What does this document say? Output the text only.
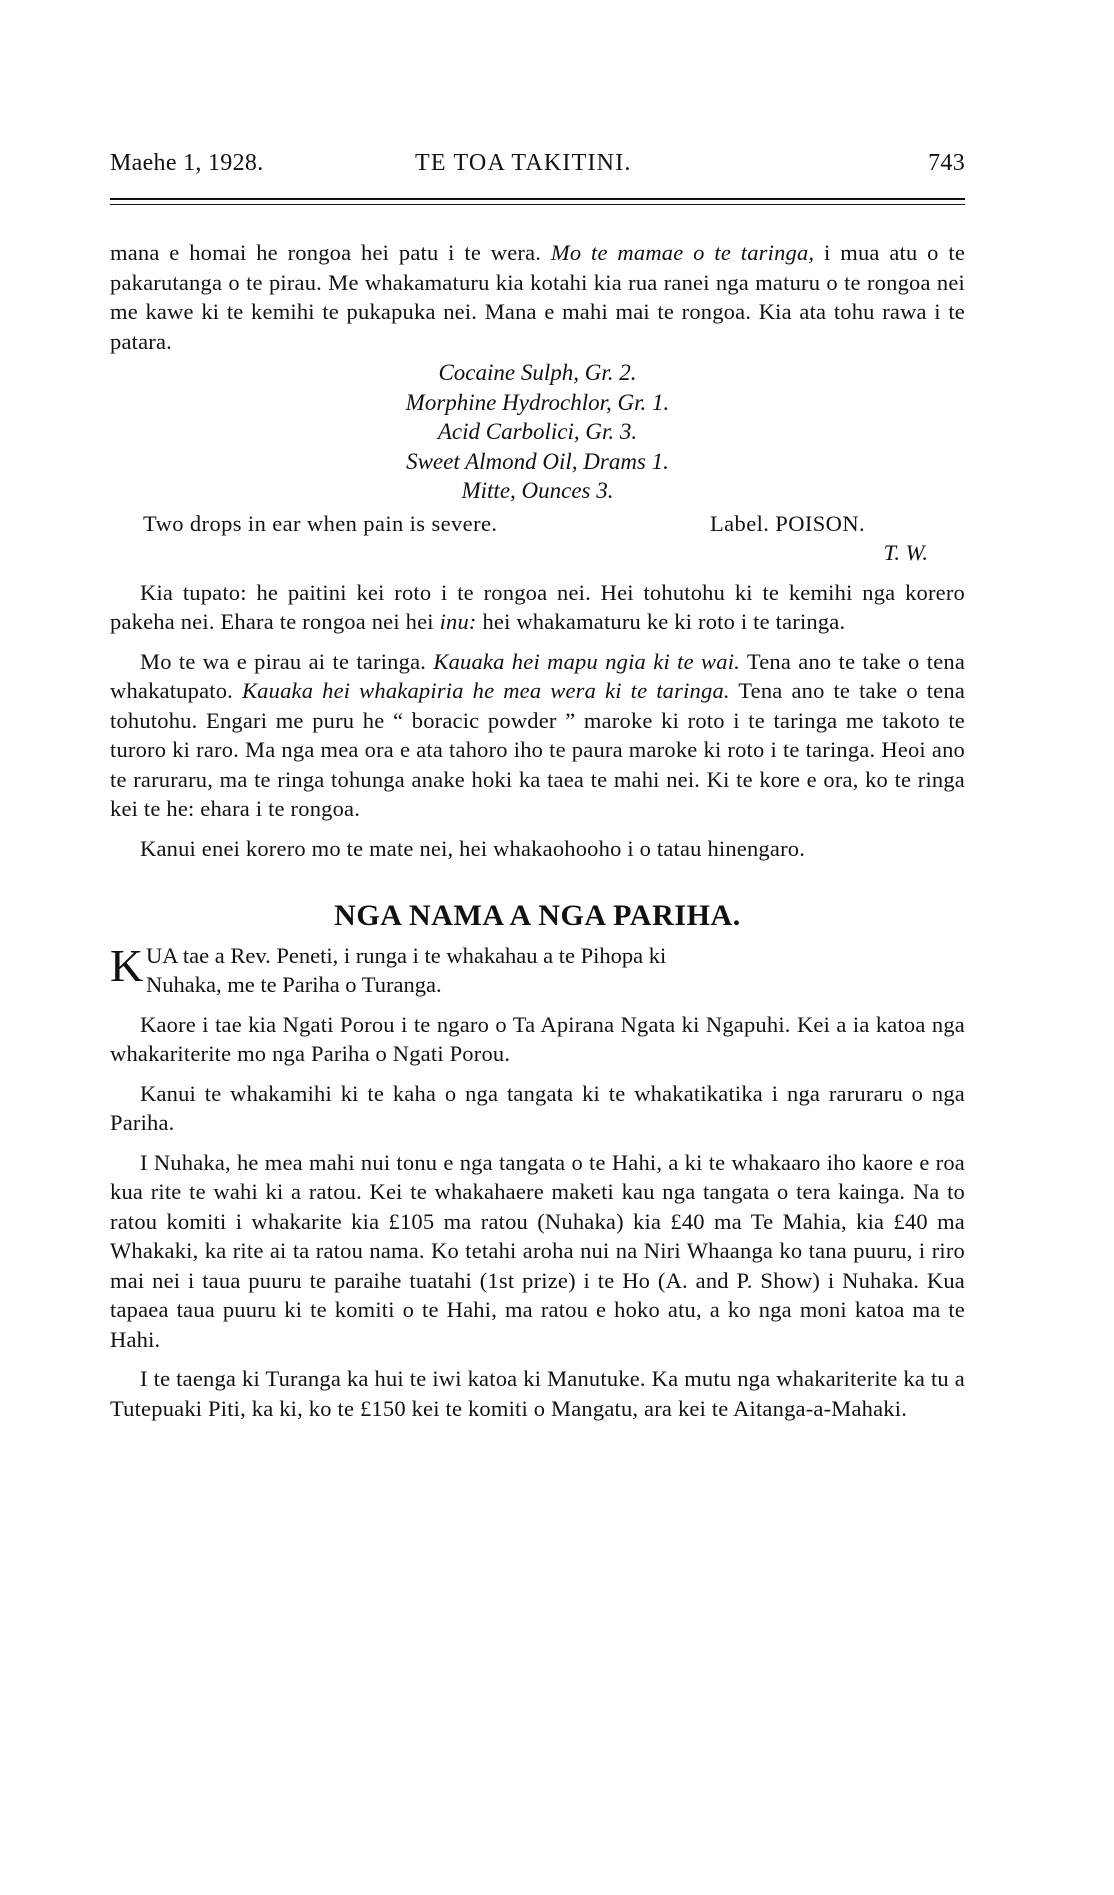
Maehe 1, 1928.	TE TOA TAKITINI.	743

mana e homai he rongoa hei patu i te wera. Mo te mamae o te taringa, i mua atu o te pakarutanga o te pirau. Me whakamaturu kia kotahi kia rua ranei nga maturu o te rongoa nei me kawe ki te kemihi te pukapuka nei. Mana e mahi mai te rongoa. Kia ata tohu rawa i te patara.

Cocaine Sulph, Gr. 2.

Morphine Hydrochlor, Gr. 1.

Acid Carbolici, Gr. 3.

Sweet Almond Oil, Drams 1.

Mitte, Ounces 3.

Two drops in ear when pain is severe.	Label. POISON.

T. W.

Kia tupato: he paitini kei roto i te rongoa nei. Hei tohutohu ki te kemihi nga korero pakeha nei. Ehara te rongoa nei hei inu: hei whakamaturu ke ki roto i te taringa.

Mo te wa e pirau ai te taringa. Kauaka hei mapu ngia ki te wai. Tena ano te take o tena whakatupato. Kauaka hei whakapiria he mea wera ki te taringa. Tena ano te take o tena tohutohu. Engari me puru he “ boracic powder ” maroke ki roto i te taringa me takoto te turoro ki raro. Ma nga mea ora e ata tahoro iho te paura maroke ki roto i te taringa. Heoi ano te raruraru, ma te ringa tohunga anake hoki ka taea te mahi nei. Ki te kore e ora, ko te ringa kei te he: ehara i te rongoa.

Kanui enei korero mo te mate nei, hei whakaohooho i o tatau hinengaro.

NGA NAMA A NGA PARIHA.
K UA tae a Rev. Peneti, i runga i te whakahau a te Pihopa ki
Nuhaka, me te Pariha o Turanga.

Kaore i tae kia Ngati Porou i te ngaro o Ta Apirana Ngata ki Ngapuhi. Kei a ia katoa nga whakariterite mo nga Pariha o Ngati Porou.

Kanui te whakamihi ki te kaha o nga tangata ki te whakatikatika i nga raruraru o nga Pariha.

I Nuhaka, he mea mahi nui tonu e nga tangata o te Hahi, a ki te whakaaro iho kaore e roa kua rite te wahi ki a ratou. Kei te whakahaere maketi kau nga tangata o tera kainga. Na to ratou komiti i whakarite kia £105 ma ratou (Nuhaka) kia £40 ma Te Mahia, kia £40 ma Whakaki, ka rite ai ta ratou nama. Ko tetahi aroha nui na Niri Whaanga ko tana puuru, i riro mai nei i taua puuru te paraihe tuatahi (1st prize) i te Ho (A. and P. Show) i Nuhaka. Kua tapaea taua puuru ki te komiti o te Hahi, ma ratou e hoko atu, a ko nga moni katoa ma te Hahi.

I te taenga ki Turanga ka hui te iwi katoa ki Manutuke. Ka mutu nga whakariterite ka tu a Tutepuaki Piti, ka ki, ko te £150 kei te komiti o Mangatu, ara kei te Aitanga-a-Mahaki.
